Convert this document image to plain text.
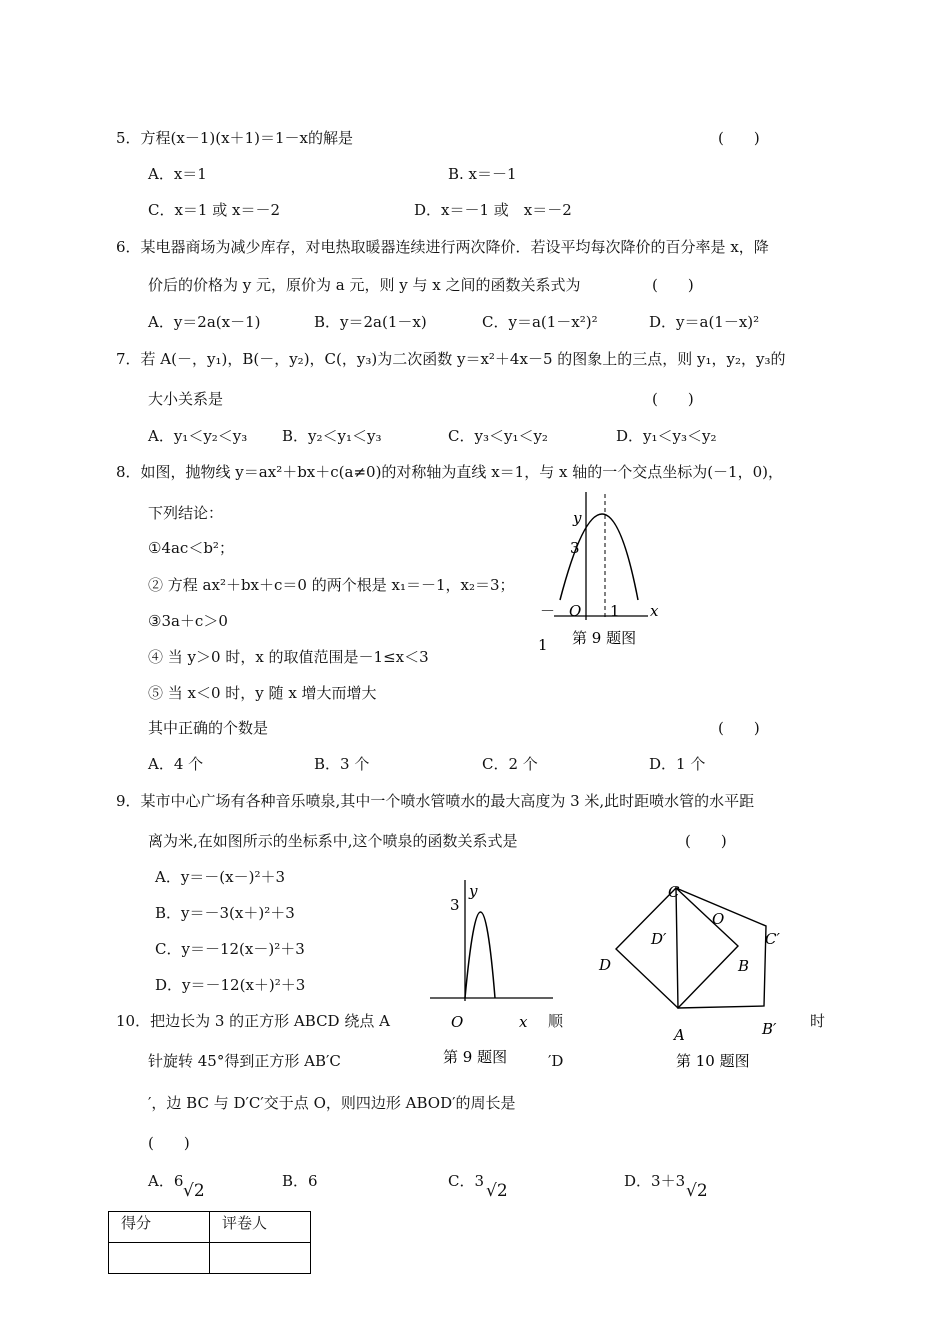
5．方程(x－1)(x＋1)＝1－x的解是	(　　)
A．x＝1	B. x＝－1
C．x＝1 或 x＝－2	D．x＝－1 或　x＝－2
6．某电器商场为减少库存，对电热取暖器连续进行两次降价．若设平均每次降价的百分率是 x，降
价后的价格为 y 元，原价为 a 元，则 y 与 x 之间的函数关系式为	(　　)
A．y＝2a(x－1)	B．y＝2a(1－x)	C．y＝a(1－x²)²	D．y＝a(1－x)²
7．若 A(－，y₁)，B(－，y₂)，C(，y₃)为二次函数 y＝x²＋4x－5 的图象上的三点，则 y₁，y₂，y₃的
大小关系是	(　　)
A．y₁＜y₂＜y₃ B．y₂＜y₁＜y₃	C．y₃＜y₁＜y₂	D．y₁＜y₃＜y₂
8．如图，抛物线 y＝ax²＋bx＋c(a≠0)的对称轴为直线 x＝1，与 x 轴的一个交点坐标为(－1，0)，
下列结论：
①4ac＜b²；
② 方程 ax²＋bx＋c＝0 的两个根是 x₁＝－1，x₂＝3；
③3a＋c＞0
④ 当 y＞0 时，x 的取值范围是－1≤x＜3
⑤ 当 x＜0 时，y 随 x 增大而增大
其中正确的个数是	(　　)
A．4 个	B．3 个	C．2 个	D．1 个
y
3
－ O 1 x
1 第 9 题图
9．某市中心广场有各种音乐喷泉,其中一个喷水管喷水的最大高度为 3 米,此时距喷水管的水平距
离为米,在如图所示的坐标系中,这个喷泉的函数关系式是	(　　)
A．y＝－(x－)²＋3
B．y＝－3(x＋)²＋3
C．y＝－12(x－)²＋3
D．y＝－12(x＋)²＋3
y
3
O	x
第 9 题图
C
O
D′	C′
D	B
A	B′
第 10 题图
10．把边长为 3 的正方形 ABCD 绕点 A	顺	时
针旋转 45°得到正方形 AB′C	′D
′，边 BC 与 D′C′交于点 O，则四边形 ABOD′的周长是
(　　)
A．6 √2	B．6	C．3 √2	D．3＋3 √2
得分	评卷人
